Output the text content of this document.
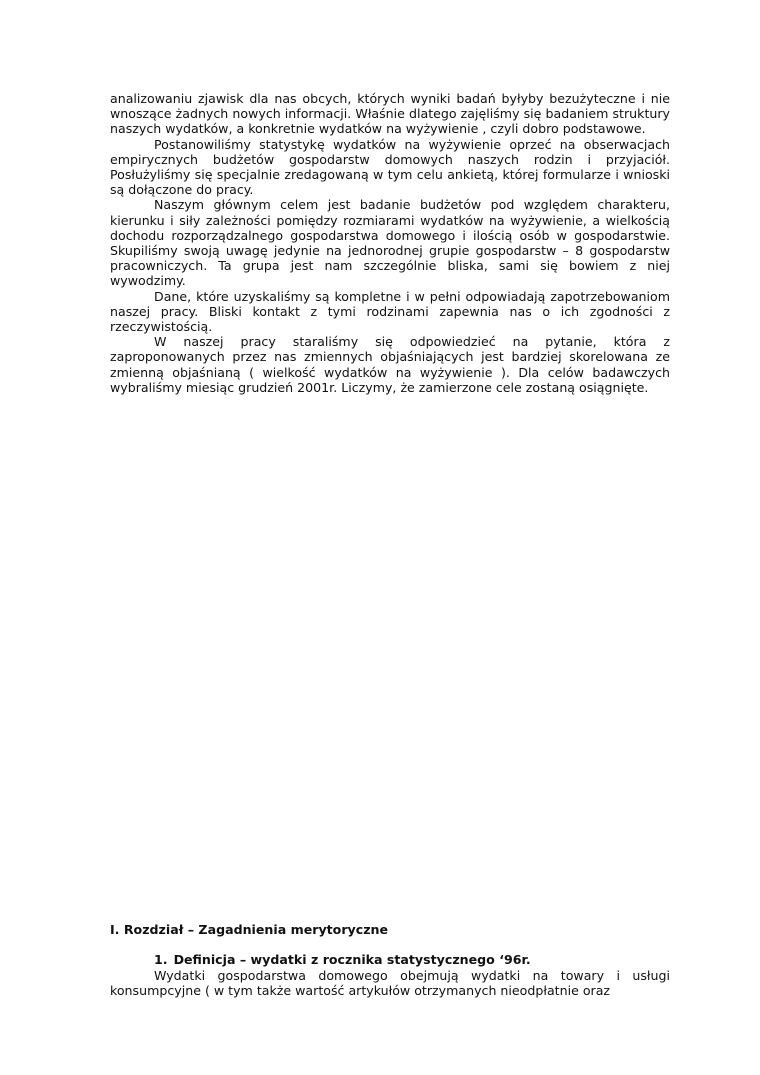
analizowaniu zjawisk dla nas obcych, których wyniki badań byłyby bezużyteczne i nie wnoszące żadnych nowych informacji. Właśnie dlatego zajęliśmy się badaniem struktury naszych wydatków, a konkretnie wydatków na wyżywienie , czyli dobro podstawowe.

Postanowiliśmy statystykę wydatków na wyżywienie oprzeć na obserwacjach empirycznych budżetów gospodarstw domowych naszych rodzin i przyjaciół. Posłużyliśmy się specjalnie zredagowaną w tym celu ankietą, której formularze i wnioski są dołączone do pracy.

Naszym głównym celem jest badanie budżetów pod względem charakteru, kierunku i siły zależności pomiędzy rozmiarami wydatków na wyżywienie, a wielkością dochodu rozporządzalnego gospodarstwa domowego i ilością osób w gospodarstwie. Skupiliśmy swoją uwagę jedynie na jednorodnej grupie gospodarstw – 8 gospodarstw pracowniczych. Ta grupa jest nam szczególnie bliska, sami się bowiem z niej wywodzimy.

Dane, które uzyskaliśmy są kompletne i w pełni odpowiadają zapotrzebowaniom naszej pracy. Bliski kontakt z tymi rodzinami zapewnia nas o ich zgodności z rzeczywistością.

W naszej pracy staraliśmy się odpowiedzieć na pytanie, która z zaproponowanych przez nas zmiennych objaśniających jest bardziej skorelowana ze zmienną objaśnianą ( wielkość wydatków na wyżywienie ). Dla celów badawczych wybraliśmy miesiąc grudzień 2001r. Liczymy, że zamierzone cele zostaną osiągnięte.

I. Rozdział – Zagadnienia merytoryczne
1. Definicja – wydatki z rocznika statystycznego ‘96r.

Wydatki gospodarstwa domowego obejmują wydatki na towary i usługi konsumpcyjne ( w tym także wartość artykułów otrzymanych nieodpłatnie oraz
